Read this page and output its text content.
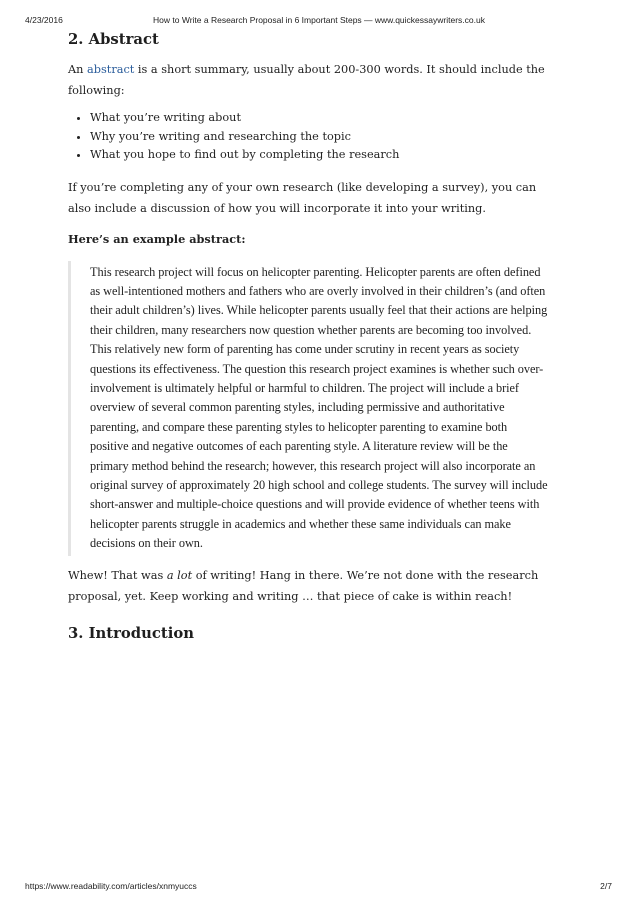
4/23/2016	How to Write a Research Proposal in 6 Important Steps — www.quickessaywriters.co.uk
2. Abstract

An abstract is a short summary, usually about 200-300 words. It should include the following:

• What you’re writing about
• Why you’re writing and researching the topic
• What you hope to find out by completing the research

If you’re completing any of your own research (like developing a survey), you can also include a discussion of how you will incorporate it into your writing.

Here’s an example abstract:

This research project will focus on helicopter parenting. Helicopter parents are often defined as well-intentioned mothers and fathers who are overly involved in their children’s (and often their adult children’s) lives. While helicopter parents usually feel that their actions are helping their children, many researchers now question whether parents are becoming too involved. This relatively new form of parenting has come under scrutiny in recent years as society questions its effectiveness. The question this research project examines is whether such over-involvement is ultimately helpful or harmful to children. The project will include a brief overview of several common parenting styles, including permissive and authoritative parenting, and compare these parenting styles to helicopter parenting to examine both positive and negative outcomes of each parenting style. A literature review will be the primary method behind the research; however, this research project will also incorporate an original survey of approximately 20 high school and college students. The survey will include short-answer and multiple-choice questions and will provide evidence of whether teens with helicopter parents struggle in academics and whether these same individuals can make decisions on their own.

Whew! That was a lot of writing! Hang in there. We’re not done with the research proposal, yet. Keep working and writing … that piece of cake is within reach!

3. Introduction
https://www.readability.com/articles/xnmyuccs	2/7
